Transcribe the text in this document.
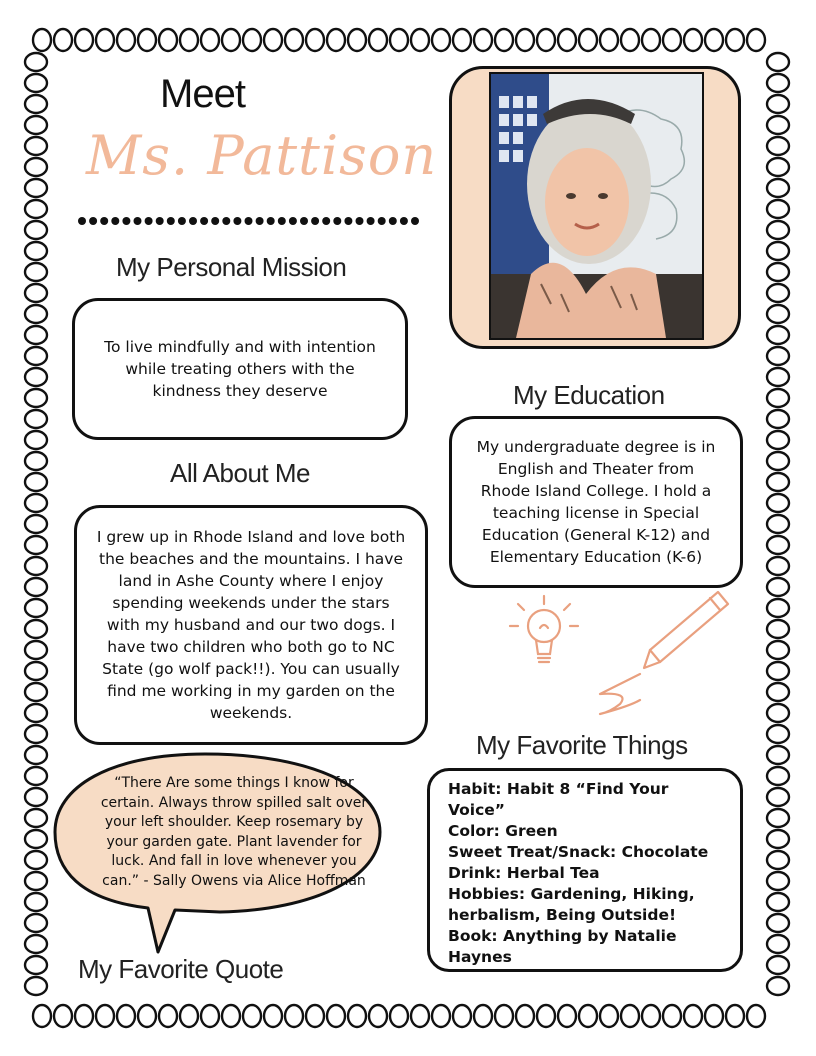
Meet
Ms. Pattison
My Personal Mission
To live mindfully and with intention while treating others with the kindness they deserve
All About Me
I grew up in Rhode Island and love both the beaches and the mountains. I have land in Ashe County where I enjoy spending weekends under the stars with my husband and our two dogs. I have two children who both go to NC State (go wolf pack!!). You can usually find me working in my garden on the weekends.
My Education
My undergraduate degree is in English and Theater from Rhode Island College. I hold a teaching license in Special Education (General K-12) and Elementary Education (K-6)
My Favorite Things
Habit: Habit 8 “Find Your Voice”
Color: Green
Sweet Treat/Snack: Chocolate
Drink: Herbal Tea
Hobbies: Gardening, Hiking, herbalism, Being Outside!
Book: Anything by Natalie Haynes
“There Are some things I know for certain. Always throw spilled salt over your left shoulder. Keep rosemary by your garden gate. Plant lavender for luck. And fall in love whenever you can.” - Sally Owens via Alice Hoffman
My Favorite Quote
